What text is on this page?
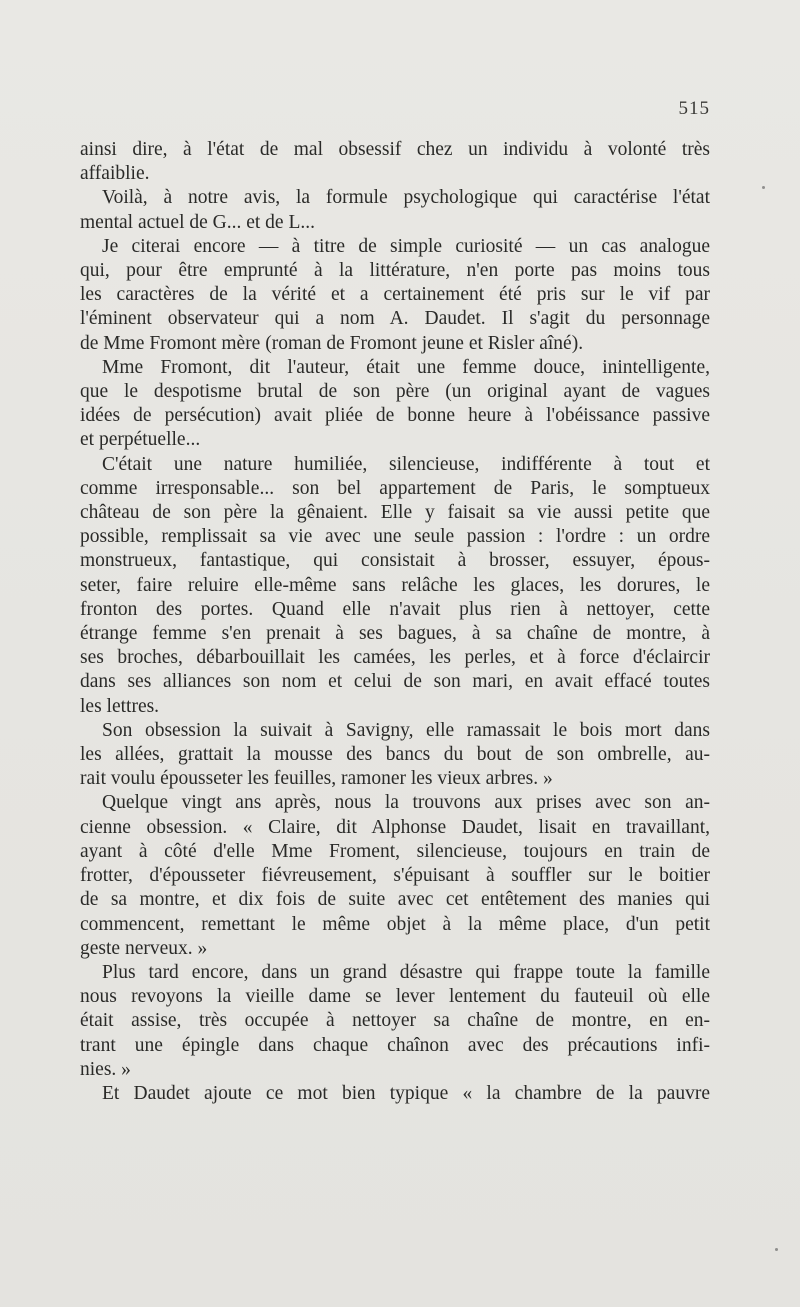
515
ainsi dire, à l'état de mal obsessif chez un individu à volonté très
affaiblie.
Voilà, à notre avis, la formule psychologique qui caractérise l'état
mental actuel de G... et de L...
Je citerai encore — à titre de simple curiosité — un cas analogue
qui, pour être emprunté à la littérature, n'en porte pas moins tous
les caractères de la vérité et a certainement été pris sur le vif par
l'éminent observateur qui a nom A. Daudet. Il s'agit du personnage
de Mme Fromont mère (roman de Fromont jeune et Risler aîné).
Mme Fromont, dit l'auteur, était une femme douce, inintelligente,
que le despotisme brutal de son père (un original ayant de vagues
idées de persécution) avait pliée de bonne heure à l'obéissance passive
et perpétuelle...
C'était une nature humiliée, silencieuse, indifférente à tout et
comme irresponsable... son bel appartement de Paris, le somptueux
château de son père la gênaient. Elle y faisait sa vie aussi petite que
possible, remplissait sa vie avec une seule passion : l'ordre : un ordre
monstrueux, fantastique, qui consistait à brosser, essuyer, épous-
seter, faire reluire elle-même sans relâche les glaces, les dorures, le
fronton des portes. Quand elle n'avait plus rien à nettoyer, cette
étrange femme s'en prenait à ses bagues, à sa chaîne de montre, à
ses broches, débarbouillait les camées, les perles, et à force d'éclaircir
dans ses alliances son nom et celui de son mari, en avait effacé toutes
les lettres.
Son obsession la suivait à Savigny, elle ramassait le bois mort dans
les allées, grattait la mousse des bancs du bout de son ombrelle, au-
rait voulu épousseter les feuilles, ramoner les vieux arbres. »
Quelque vingt ans après, nous la trouvons aux prises avec son an-
cienne obsession. « Claire, dit Alphonse Daudet, lisait en travaillant,
ayant à côté d'elle Mme Froment, silencieuse, toujours en train de
frotter, d'épousseter fiévreusement, s'épuisant à souffler sur le boitier
de sa montre, et dix fois de suite avec cet entêtement des manies qui
commencent, remettant le même objet à la même place, d'un petit
geste nerveux. »
Plus tard encore, dans un grand désastre qui frappe toute la famille
nous revoyons la vieille dame se lever lentement du fauteuil où elle
était assise, très occupée à nettoyer sa chaîne de montre, en en-
trant une épingle dans chaque chaînon avec des précautions infi-
nies. »
Et Daudet ajoute ce mot bien typique « la chambre de la pauvre
